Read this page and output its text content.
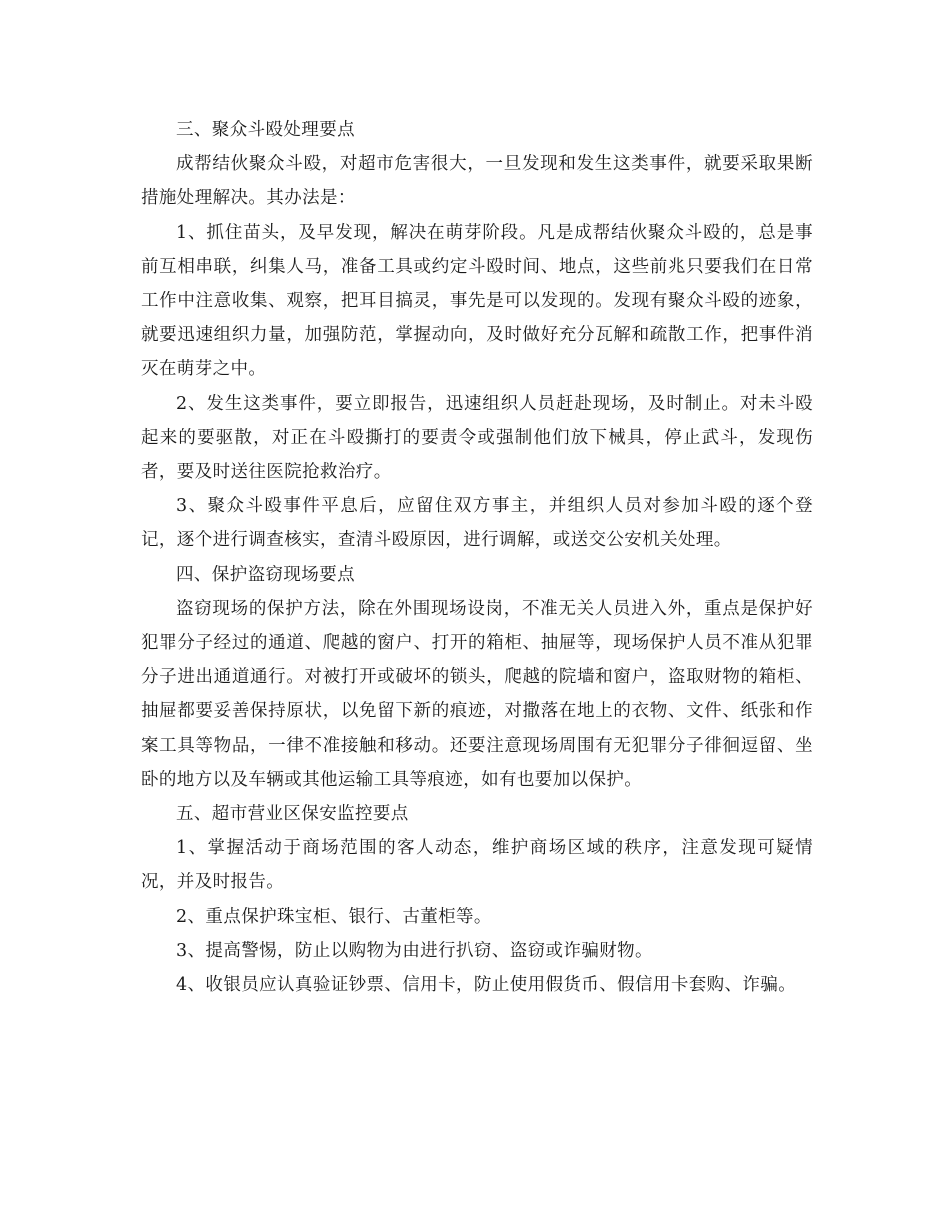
三、聚众斗殴处理要点

成帮结伙聚众斗殴，对超市危害很大，一旦发现和发生这类事件，就要采取果断措施处理解决。其办法是：

1、抓住苗头，及早发现，解决在萌芽阶段。凡是成帮结伙聚众斗殴的，总是事前互相串联，纠集人马，准备工具或约定斗殴时间、地点，这些前兆只要我们在日常工作中注意收集、观察，把耳目搞灵，事先是可以发现的。发现有聚众斗殴的迹象，就要迅速组织力量，加强防范，掌握动向，及时做好充分瓦解和疏散工作，把事件消灭在萌芽之中。

2、发生这类事件，要立即报告，迅速组织人员赶赴现场，及时制止。对未斗殴起来的要驱散，对正在斗殴撕打的要责令或强制他们放下械具，停止武斗，发现伤者，要及时送往医院抢救治疗。

3、聚众斗殴事件平息后，应留住双方事主，并组织人员对参加斗殴的逐个登记，逐个进行调查核实，查清斗殴原因，进行调解，或送交公安机关处理。

四、保护盗窃现场要点

盗窃现场的保护方法，除在外围现场设岗，不准无关人员进入外，重点是保护好犯罪分子经过的通道、爬越的窗户、打开的箱柜、抽屉等，现场保护人员不准从犯罪分子进出通道通行。对被打开或破坏的锁头，爬越的院墙和窗户，盗取财物的箱柜、抽屉都要妥善保持原状，以免留下新的痕迹，对撒落在地上的衣物、文件、纸张和作案工具等物品，一律不准接触和移动。还要注意现场周围有无犯罪分子徘徊逗留、坐卧的地方以及车辆或其他运输工具等痕迹，如有也要加以保护。

五、超市营业区保安监控要点

1、掌握活动于商场范围的客人动态，维护商场区域的秩序，注意发现可疑情况，并及时报告。

2、重点保护珠宝柜、银行、古董柜等。

3、提高警惕，防止以购物为由进行扒窃、盗窃或诈骗财物。

4、收银员应认真验证钞票、信用卡，防止使用假货币、假信用卡套购、诈骗。
